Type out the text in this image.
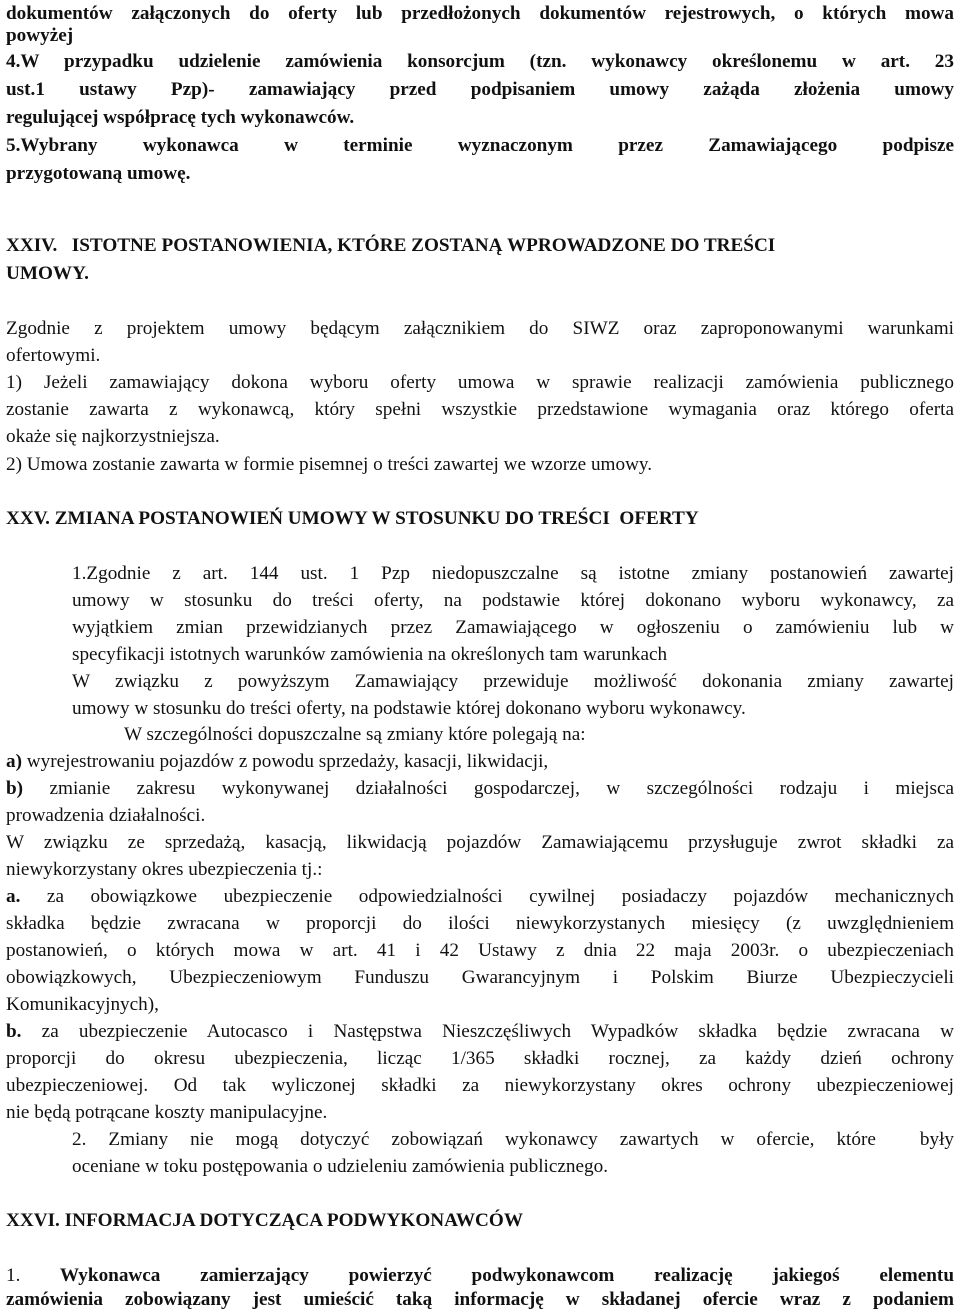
dokumentów załączonych do oferty lub przedłożonych dokumentów rejestrowych, o których mowa
powyżej
4.W przypadku udzielenie zamówienia konsorcjum (tzn. wykonawcy określonemu w art. 23
ust.1 ustawy Pzp)- zamawiający przed podpisaniem umowy zażąda złożenia umowy
regulującej współpracę tych wykonawców.
5.Wybrany wykonawca w terminie wyznaczonym przez Zamawiającego podpisze
przygotowaną umowę.
XXIV.   ISTOTNE POSTANOWIENIA, KTÓRE ZOSTANĄ WPROWADZONE DO TREŚCI
UMOWY.
Zgodnie z projektem umowy będącym załącznikiem do SIWZ oraz zaproponowanymi warunkami
ofertowymi.
1) Jeżeli zamawiający dokona wyboru oferty umowa w sprawie realizacji zamówienia publicznego
zostanie zawarta z wykonawcą, który spełni wszystkie przedstawione wymagania oraz którego oferta
okaże się najkorzystniejsza.
2) Umowa zostanie zawarta w formie pisemnej o treści zawartej we wzorze umowy.
XXV. ZMIANA POSTANOWIEŃ UMOWY W STOSUNKU DO TREŚCI  OFERTY
1.Zgodnie z art. 144 ust. 1 Pzp niedopuszczalne są istotne zmiany postanowień zawartej
umowy w stosunku do treści oferty, na podstawie której dokonano wyboru wykonawcy, za
wyjątkiem zmian przewidzianych przez Zamawiającego w ogłoszeniu o zamówieniu lub w
specyfikacji istotnych warunków zamówienia na określonych tam warunkach
W związku z powyższym Zamawiający przewiduje możliwość dokonania zmiany zawartej
umowy w stosunku do treści oferty, na podstawie której dokonano wyboru wykonawcy.
W szczególności dopuszczalne są zmiany które polegają na:
a) wyrejestrowaniu pojazdów z powodu sprzedaży, kasacji, likwidacji,
b) zmianie zakresu wykonywanej działalności gospodarczej, w szczególności rodzaju i miejsca
prowadzenia działalności.
W związku ze sprzedażą, kasacją, likwidacją pojazdów Zamawiającemu przysługuje zwrot składki za
niewykorzystany okres ubezpieczenia tj.:
a. za obowiązkowe ubezpieczenie odpowiedzialności cywilnej posiadaczy pojazdów mechanicznych
składka będzie zwracana w proporcji do ilości niewykorzystanych miesięcy (z uwzględnieniem
postanowień, o których mowa w art. 41 i 42 Ustawy z dnia 22 maja 2003r. o ubezpieczeniach
obowiązkowych, Ubezpieczeniowym Funduszu Gwarancyjnym i Polskim Biurze Ubezpieczycieli
Komunikacyjnych),
b. za ubezpieczenie Autocasco i Następstwa Nieszczęśliwych Wypadków składka będzie zwracana w
proporcji do okresu ubezpieczenia, licząc 1/365 składki rocznej, za każdy dzień ochrony
ubezpieczeniowej. Od tak wyliczonej składki za niewykorzystany okres ochrony ubezpieczeniowej
nie będą potrącane koszty manipulacyjne.
2. Zmiany nie mogą dotyczyć zobowiązań wykonawcy zawartych w ofercie, które  były
oceniane w toku postępowania o udzieleniu zamówienia publicznego.
XXVI. INFORMACJA DOTYCZĄCA PODWYKONAWCÓW
1. Wykonawca zamierzający powierzyć podwykonawcom realizację jakiegoś elementu
zamówienia zobowiązany jest umieścić taką informację w składanej ofercie wraz z podaniem
